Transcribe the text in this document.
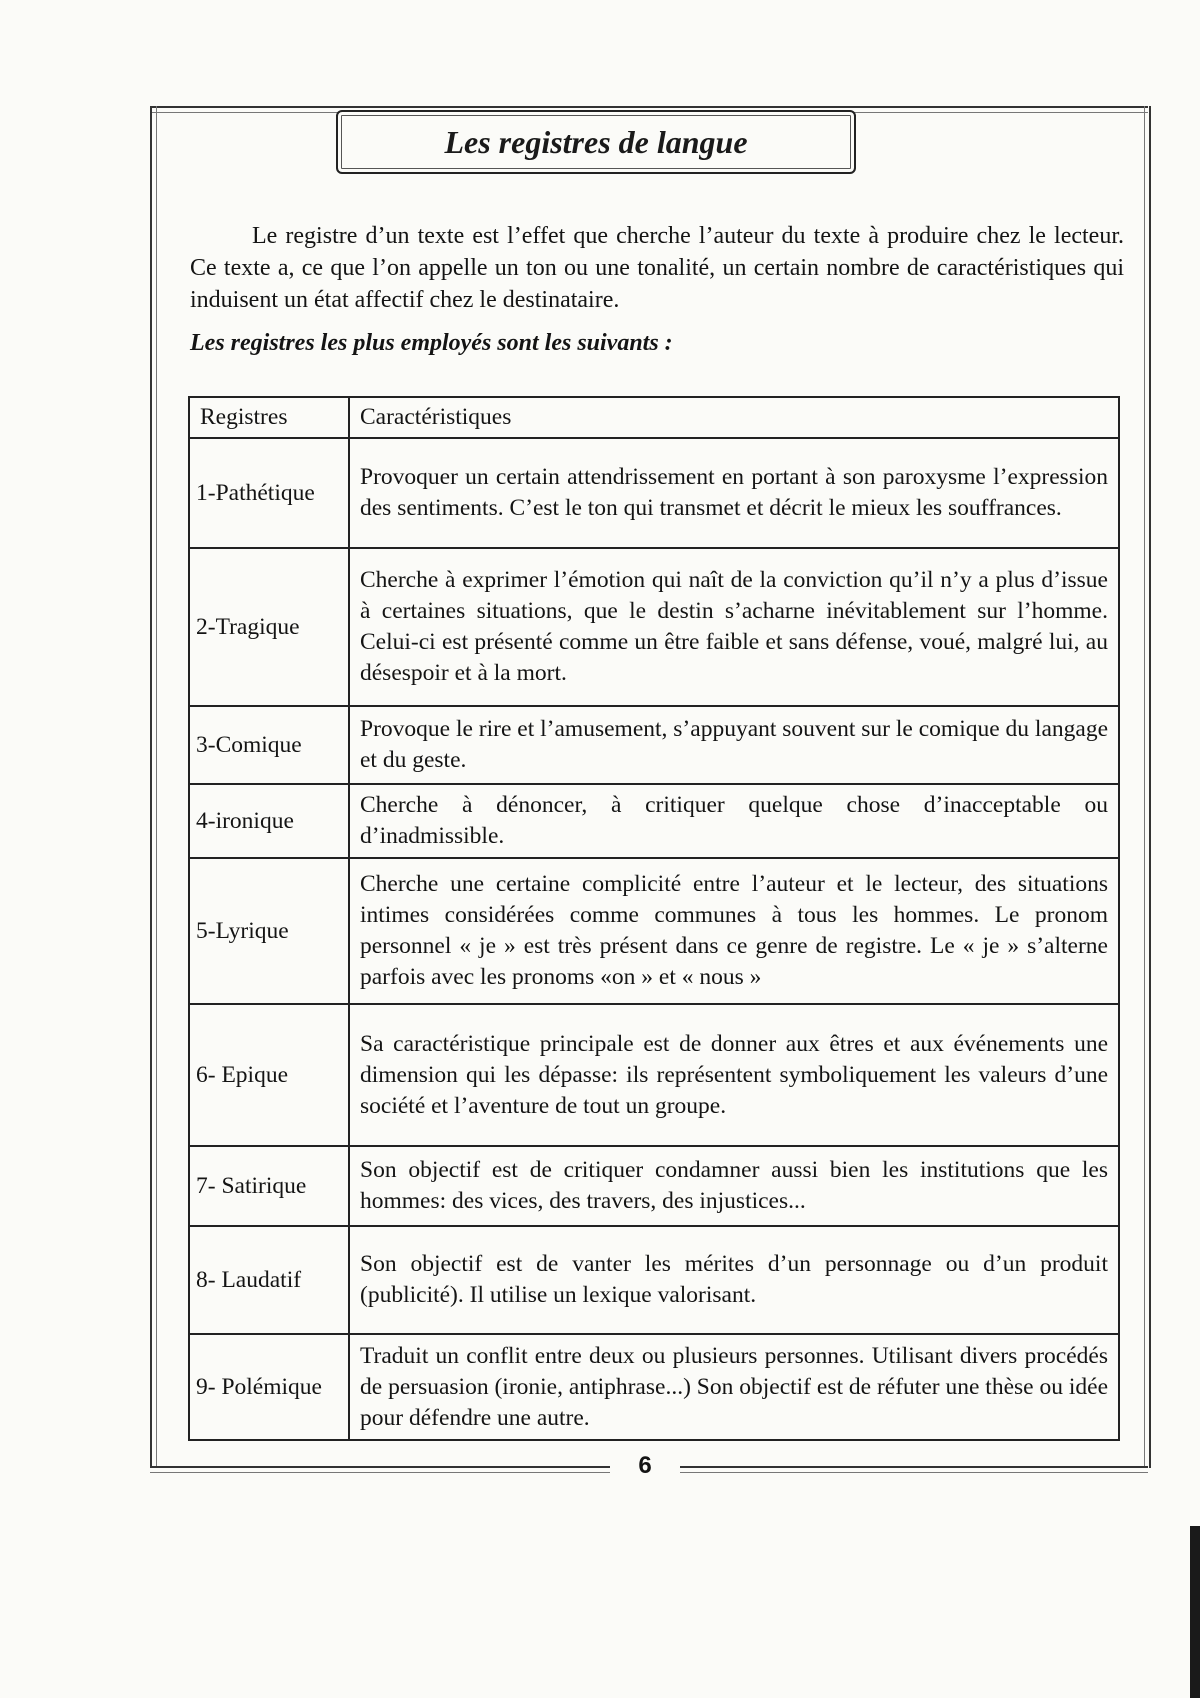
Les registres de langue

Le registre d’un texte est l’effet que cherche l’auteur du texte à produire chez le lecteur. Ce texte a, ce que l’on appelle un ton ou une tonalité, un certain nombre de caractéristiques qui induisent un état affectif chez le destinataire.

Les registres les plus employés sont les suivants :

Registres	Caractéristiques
1-Pathétique	Provoquer un certain attendrissement en portant à son paroxysme l’expression des sentiments. C’est le ton qui transmet et décrit le mieux les souffrances.
2-Tragique	Cherche à exprimer l’émotion qui naît de la conviction qu’il n’y a plus d’issue à certaines situations, que le destin s’acharne inévitablement sur l’homme. Celui-ci est présenté comme un être faible et sans défense, voué, malgré lui, au désespoir et à la mort.
3-Comique	Provoque le rire et l’amusement, s’appuyant souvent sur le comique du langage et du geste.
4-ironique	Cherche à dénoncer, à critiquer quelque chose d’inacceptable ou d’inadmissible.
5-Lyrique	Cherche une certaine complicité entre l’auteur et le lecteur, des situations intimes considérées comme communes à tous les hommes. Le pronom personnel « je » est très présent dans ce genre de registre. Le « je » s’alterne parfois avec les pronoms «on » et « nous »
6- Epique	Sa caractéristique principale est de donner aux êtres et aux événements une dimension qui les dépasse: ils représentent symboliquement les valeurs d’une société et l’aventure de tout un groupe.
7- Satirique	Son objectif est de critiquer condamner aussi bien les institutions que les hommes: des vices, des travers, des injustices...
8- Laudatif	Son objectif est de vanter les mérites d’un personnage ou d’un produit (publicité). Il utilise un lexique valorisant.
9- Polémique	Traduit un conflit entre deux ou plusieurs personnes. Utilisant divers procédés de persuasion (ironie, antiphrase...) Son objectif est de réfuter une thèse ou idée pour défendre une autre.
6
